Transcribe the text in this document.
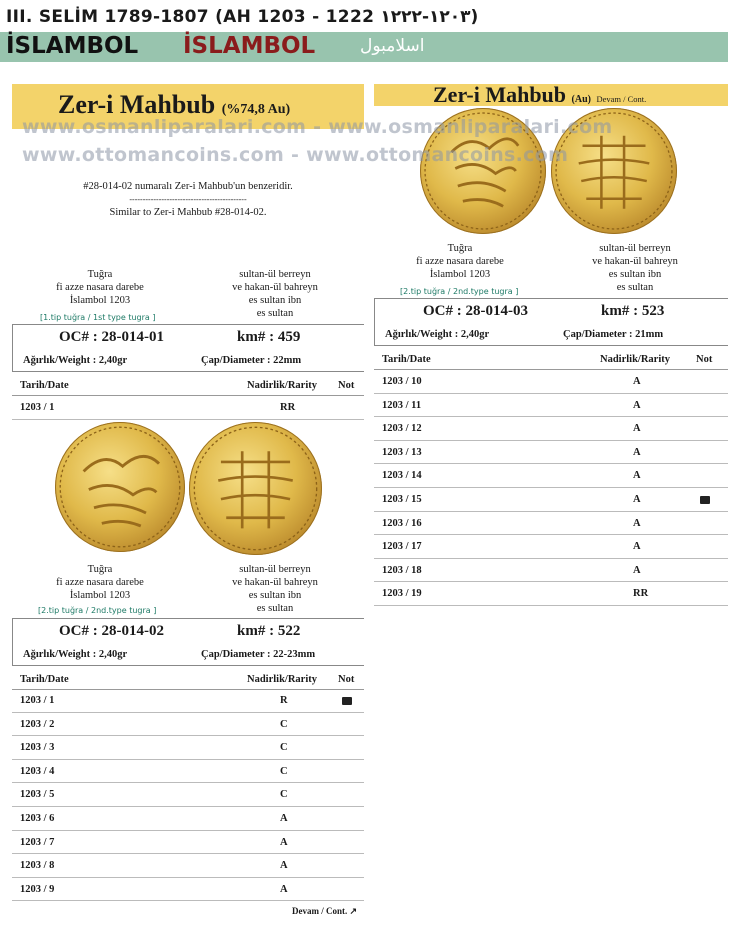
III. SELİM 1789-1807 (AH 1203 - 1222 ١٢٠٣-١٢٢٢)
İSLAMBOL İSLAMBOL	اسلامبول
Zer-i Mahbub (%74,8 Au)
Zer-i Mahbub (Au) Devam / Cont.
www.osmanliparalari.com - www.osmanliparalari.com
www.ottomancoins.com - www.ottomancoins.com
#28-014-02 numaralı Zer-i Mahbub'un benzeridir.
--------------------------------------------
Similar to Zer-i Mahbub #28-014-02.
Tuğra
fi azze nasara darebe
İslambol 1203
sultan-ül berreyn
ve hakan-ül bahreyn
es sultan ibn
es sultan
[2.tip tuğra / 2nd.type tugra ]
OC# : 28-014-03	km# : 523
Ağırlık/Weight : 2,40gr	Çap/Diameter : 21mm
Tarih/Date	Nadirlik/Rarity Not
1203 / 10	A
1203 / 11	A
1203 / 12	A
1203 / 13	A
1203 / 14	A
1203 / 15	A
1203 / 16	A
1203 / 17	A
1203 / 18	A
1203 / 19	RR
Tuğra
fi azze nasara darebe
İslambol 1203
sultan-ül berreyn
ve hakan-ül bahreyn
es sultan ibn
es sultan
[1.tip tuğra / 1st type tugra ]
OC# : 28-014-01	km# : 459
Ağırlık/Weight : 2,40gr	Çap/Diameter : 22mm
Tarih/Date	Nadirlik/Rarity Not
1203 / 1	RR
Tuğra
fi azze nasara darebe
İslambol 1203
sultan-ül berreyn
ve hakan-ül bahreyn
es sultan ibn
es sultan
[2.tip tuğra / 2nd.type tugra ]
OC# : 28-014-02	km# : 522
Ağırlık/Weight : 2,40gr	Çap/Diameter : 22-23mm
Tarih/Date	Nadirlik/Rarity Not
1203 / 1	R
1203 / 2	C
1203 / 3	C
1203 / 4	C
1203 / 5	C
1203 / 6	A
1203 / 7	A
1203 / 8	A
1203 / 9	A
Devam / Cont. ↗
